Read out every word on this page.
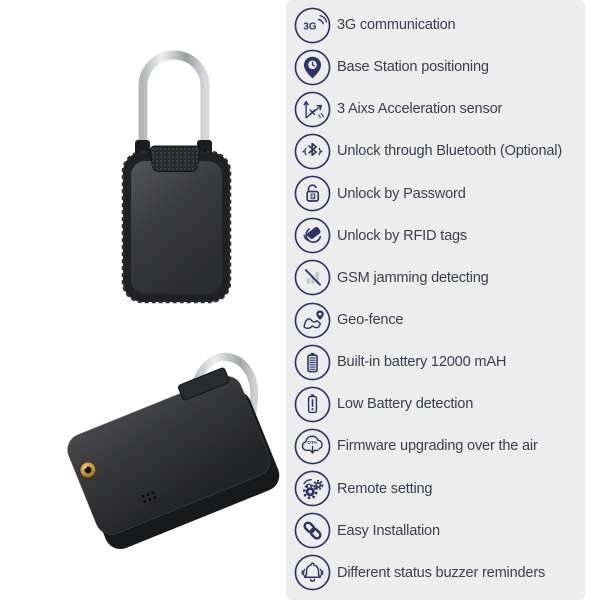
3G 3G communication
Base Station positioning
3 Aixs Acceleration sensor
Unlock through Bluetooth (Optional)
1 Unlock by Password
Unlock by RFID tags
GSM jamming detecting
Geo-fence
Built-in battery 12000 mAH
Low Battery detection
OTA Firmware upgrading over the air
Remote setting
Easy Installation
Different status buzzer reminders
